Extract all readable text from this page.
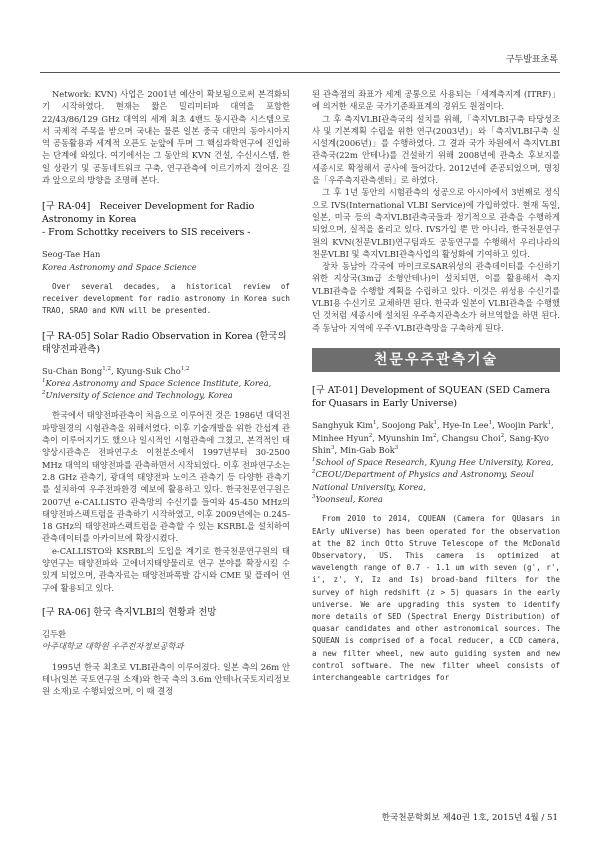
구두발표초록

Network: KVN) 사업은 2001년 예산이 확보됨으로써 본격화되기 시작하였다. 현재는 짧은 밀리미터파 대역을 포함한 22/43/86/129 GHz 대역의 세계 최초 4밴드 동시관측 시스템으로서 국제적 주목을 받으며 국내는 물론 일본 중국 대만의 동아시아지역 공동활용과 세계적 오픈도 눈앞에 두며 그 핵심과학연구에 진입하는 단계에 와있다. 여기에서는 그 동안의 KVN 건설, 수신시스템, 한일 상관기 및 공동네트워크 구축, 연구관측에 이르기까지 걸어온 길과 앞으로의 방향을 조명해 본다.

[구 RA-04]　Receiver Development for Radio Astronomy in Korea
- From Schottky receivers to SIS receivers -
Seog-Tae Han
Korea Astronomy and Space Science

Over several decades, a historical review of receiver development for radio astronomy in Korea such TRAO, SRAO and KVN will be presented.

[구 RA-05] Solar Radio Observation in Korea (한국의 태양전파관측)
Su-Chan Bong$^{1,2}$, Kyung-Suk Cho$^{1,2}$
$^1$Korea Astronomy and Space Science Institute, Korea,
$^2$University of Science and Technology, Korea

한국에서 태양전파관측이 처음으로 이루어진 것은 1986년 대덕전파망원경의 시험관측을 위해서였다. 이후 기술개발을 위한 간섭계 관측이 이루어지기도 했으나 일시적인 시험관측에 그쳤고, 본격적인 태양상시관측은 전파연구소 이천분소에서 1997년부터 30-2500 MHz 대역의 태양전파를 관측하면서 시작되었다. 이후 전파연구소는 2.8 GHz 관측기, 광대역 태양전파 노이즈 관측기 등 다양한 관측기를 설치하여 우주전파환경 예보에 활용하고 있다. 한국천문연구원은 2007년 e-CALLISTO 관측망의 수신기를 들여와 45-450 MHz의 태양전파스펙트럼을 관측하기 시작하였고, 이후 2009년에는 0.245-18 GHz의 태양전파스펙트럼을 관측할 수 있는 KSRBL을 설치하여 관측데이터를 아카이브에 확장시켰다.

e-CALLISTO와 KSRBL의 도입을 계기로 한국천문연구원의 태양연구는 태양전파와 고에너지태양물리로 연구 분야를 확장시킬 수 있게 되었으며, 관측자료는 태양전파폭발 감시와 CME 및 플레어 연구에 활용되고 있다.

[구 RA-06] 한국 측지VLBI의 현황과 전망
김두환
아주대학교 대학원 우주전자정보공학과

1995년 한국 최초로 VLBI관측이 이루어졌다. 일본 측의 26m 안테나(일본 국토연구원 소재)와 한국 측의 3.6m 안테나(국토지리정보원 소재)로 수행되었으며, 이 때 결정

된 관측점의 좌표가 세계 공통으로 사용되는「세계측지계 (ITRF)」에 의거한 새로운 국가기준좌표계의 경위도 원점이다.

그 후 측지VLBI관측국의 설치를 위해,「측지VLBI구축 타당성조사 및 기본계획 수립을 위한 연구(2003년)」와「측지VLBI구축 실시설계(2006년)」를 수행하였다. 그 결과 국가 차원에서 측지VLBI관측국(22m 안테나)를 건설하기 위해 2008년에 관측소 후보지를 세종시로 확정해서 공사에 들어갔다. 2012년에 준공되었으며, 명칭을「우주측지관측센터」로 하였다.

그 후 1년 동안의 시험관측의 성공으로 아시아에서 3번째로 정식으로 IVS(International VLBI Service)에 가입하였다. 현재 독일, 일본, 미국 등의 측지VLBI관측국들과 정기적으로 관측을 수행하게 되었으며, 실적을 올리고 있다. IVS가입 뿐 만 아니라, 한국천문연구원의 KVN(천문VLBI)연구팀과도 공동연구를 수행해서 우리나라의 천문VLBI 및 측지VLBI관측사업의 활성화에 기여하고 있다.

장차 동남아 각국에 마이크로SAR위성의 관측데이터를 수신하기 위한 지상국(3m급 소형안테나)이 설치되면, 이를 활용해서 측지VLBI관측을 수행할 계획을 수립하고 있다. 이것은 위성용 수신기를 VLBI용 수신기로 교체하면 된다. 한국과 일본이 VLBI관측을 수행했던 것처럼 세종시에 설치된 우주측지관측소가 허브역할을 하면 된다. 즉 동남아 지역에 우주·VLBI관측망을 구축하게 된다.

천문우주관측기술
[구 AT-01] Development of SQUEAN (SED Camera for Quasars in Early Universe)
Sanghyuk Kim$^1$, Soojong Pak$^1$, Hye-In Lee$^1$, Woojin Park$^1$, Minhee Hyun$^2$, Myunshin Im$^2$, Changsu Choi$^2$, Sang-Kyo Shin$^3$, Min-Gab Bok$^3$
$^1$School of Space Research, Kyung Hee University, Korea,
$^2$CEOU/Department of Physics and Astronomy, Seoul National University, Korea,
$^3$Yoonseul, Korea

From 2010 to 2014, CQUEAN (Camera for QUasars in EArly uNiverse) has been operated for the observation at the 82 inch Otto Struve Telescope of the McDonald Observatory, US. This camera is optimized at wavelength range of 0.7 - 1.1 um with seven (g', r', i', z', Y, Iz and Is) broad-band filters for the survey of high redshift (z > 5) quasars in the early universe. We are upgrading this system to identify more details of SED (Spectral Energy Distribution) of quasar candidates and other astronomical sources. The SQUEAN is comprised of a focal reducer, a CCD camera, a new filter wheel, new auto guiding system and new control software. The new filter wheel consists of interchangeable cartridges for

한국천문학회보 제40권 1호, 2015년 4월 / 51
